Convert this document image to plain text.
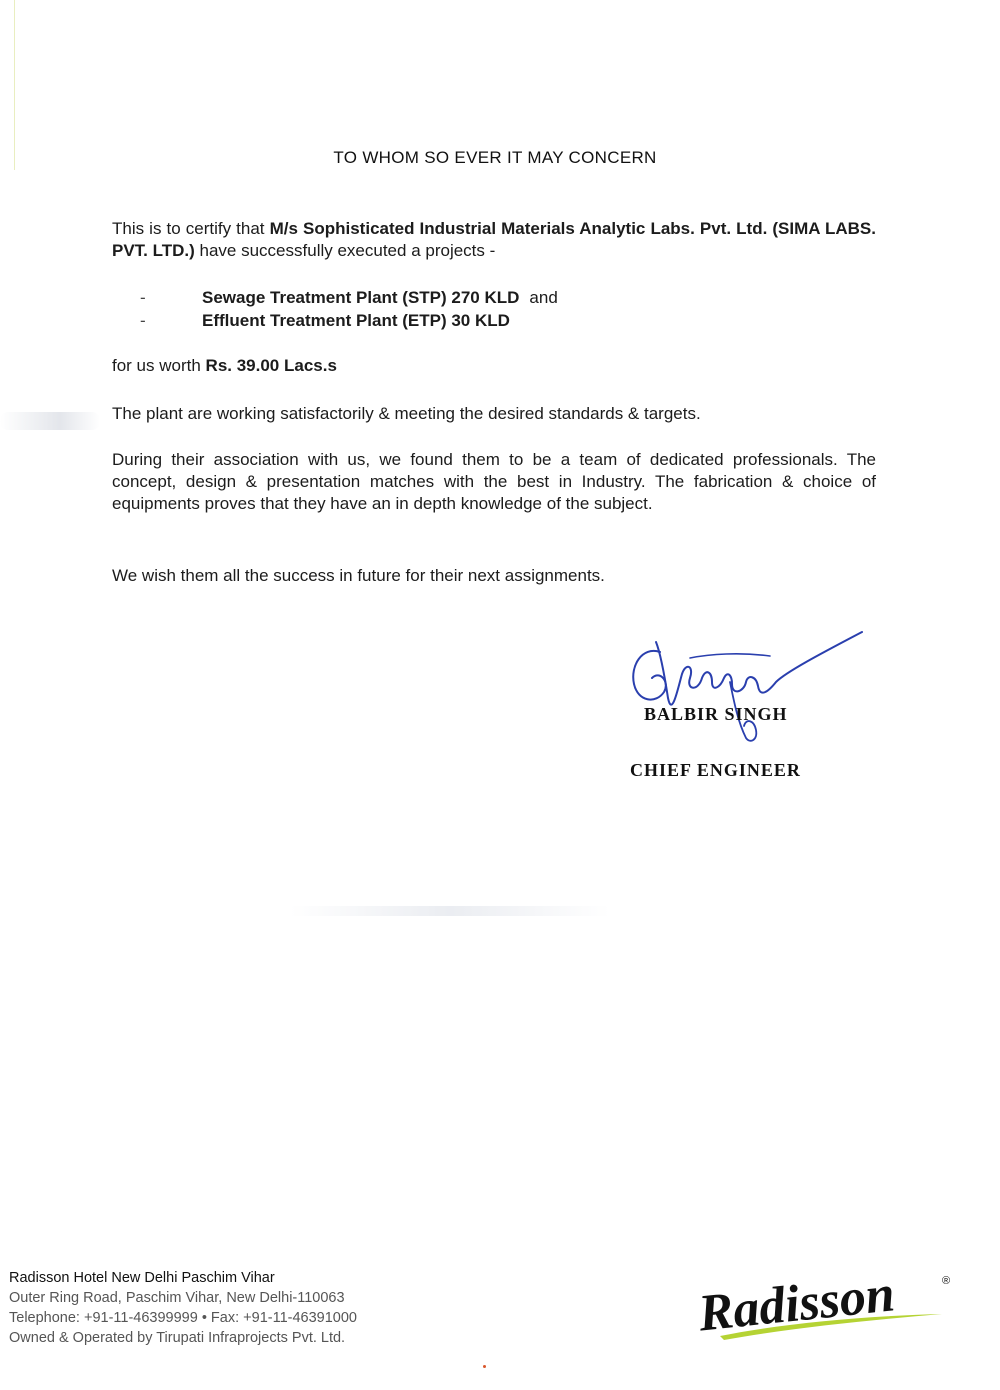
TO WHOM SO EVER IT MAY CONCERN
This is to certify that M/s Sophisticated Industrial Materials Analytic Labs. Pvt. Ltd. (SIMA LABS. PVT. LTD.) have successfully executed a projects -
-	Sewage Treatment Plant (STP) 270 KLD and
-	Effluent Treatment Plant (ETP) 30 KLD
for us worth Rs. 39.00 Lacs.s
The plant are working satisfactorily & meeting the desired standards & targets.
During their association with us, we found them to be a team of dedicated professionals. The concept, design & presentation matches with the best in Industry. The fabrication & choice of equipments proves that they have an in depth knowledge of the subject.
We wish them all the success in future for their next assignments.
BALBIR SINGH
CHIEF ENGINEER
Radisson Hotel New Delhi Paschim Vihar
Outer Ring Road, Paschim Vihar, New Delhi-110063
Telephone: +91-11-46399999 • Fax: +91-11-46391000
Owned & Operated by Tirupati Infraprojects Pvt. Ltd.	Radisson	®
